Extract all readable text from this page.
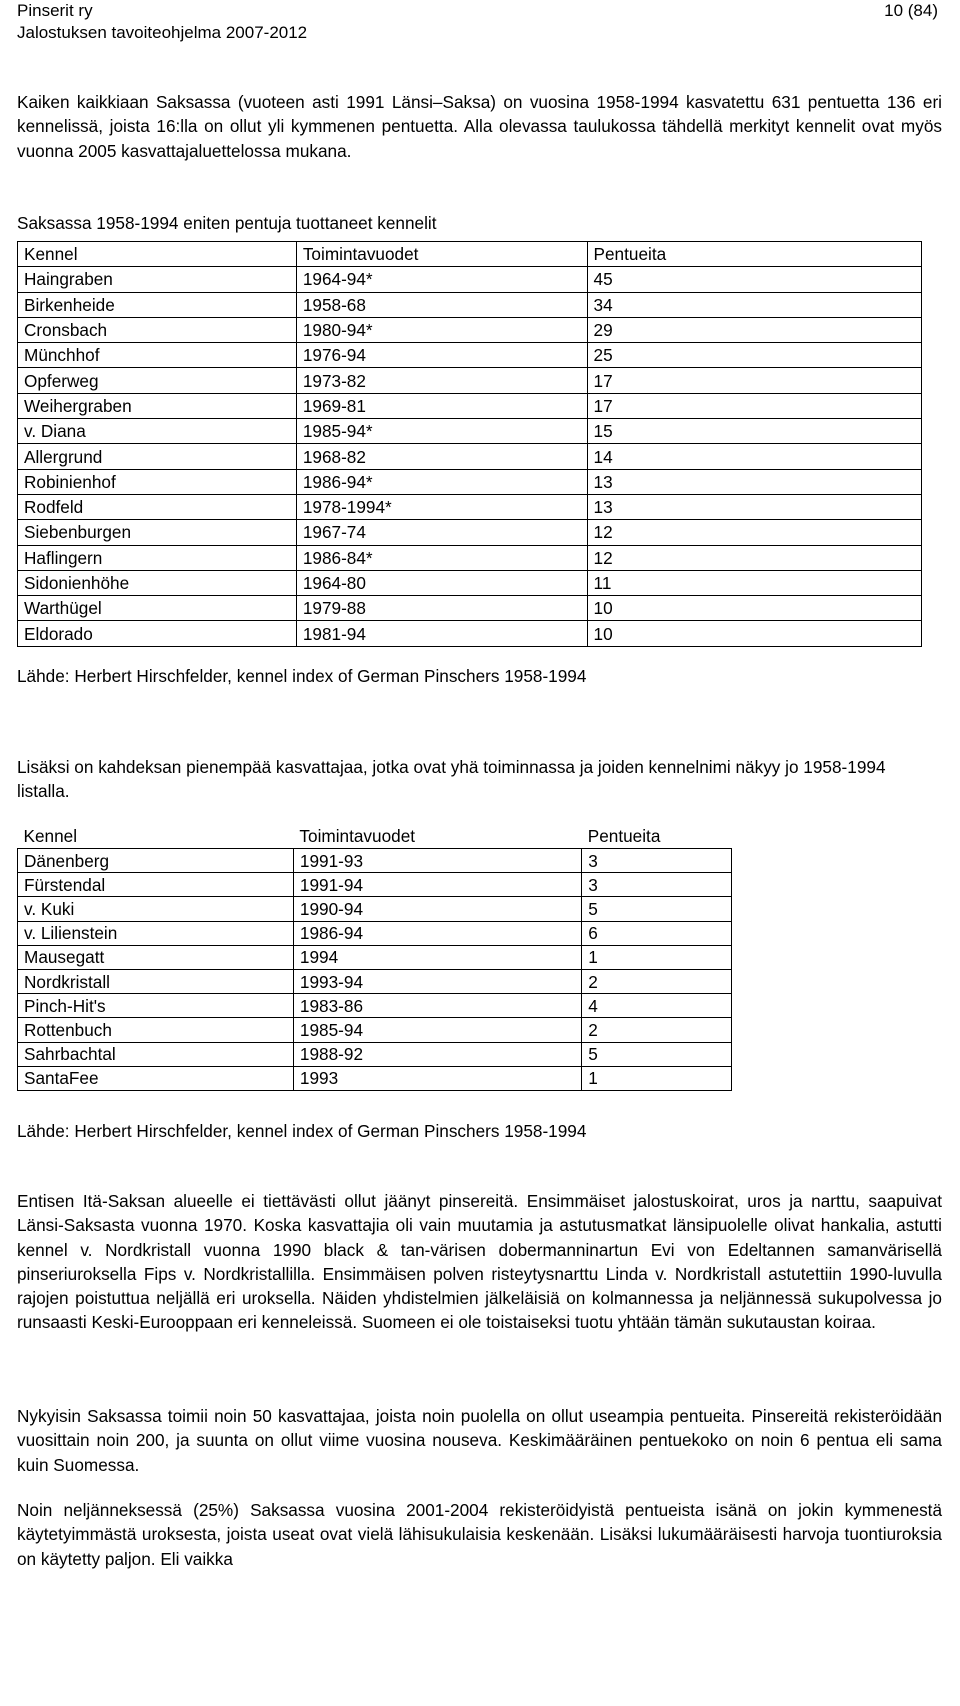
Pinserit ry
Jalostuksen tavoiteohjelma 2007-2012
10 (84)
Kaiken kaikkiaan Saksassa (vuoteen asti 1991 Länsi–Saksa) on vuosina 1958-1994 kasvatettu 631 pentuetta 136 eri kennelissä, joista 16:lla on ollut yli kymmenen pentuetta. Alla olevassa taulukossa tähdellä merkityt kennelit ovat myös vuonna 2005 kasvattajaluettelossa mukana.
Saksassa 1958-1994 eniten pentuja tuottaneet kennelit
Kennel	Toimintavuodet	Pentueita
Haingraben	1964-94*	45
Birkenheide	1958-68	34
Cronsbach	1980-94*	29
Münchhof	1976-94	25
Opferweg	1973-82	17
Weihergraben	1969-81	17
v. Diana	1985-94*	15
Allergrund	1968-82	14
Robinienhof	1986-94*	13
Rodfeld	1978-1994*	13
Siebenburgen	1967-74	12
Haflingern	1986-84*	12
Sidonienhöhe	1964-80	11
Warthügel	1979-88	10
Eldorado	1981-94	10
Lähde: Herbert Hirschfelder, kennel index of German Pinschers 1958-1994
Lisäksi on kahdeksan pienempää kasvattajaa, jotka ovat yhä toiminnassa ja joiden kennelnimi näkyy jo 1958-1994 listalla.
Kennel	Toimintavuodet	Pentueita
Dänenberg	1991-93	3
Fürstendal	1991-94	3
v. Kuki	1990-94	5
v. Lilienstein	1986-94	6
Mausegatt	1994	1
Nordkristall	1993-94	2
Pinch-Hit's	1983-86	4
Rottenbuch	1985-94	2
Sahrbachtal	1988-92	5
SantaFee	1993	1
Lähde: Herbert Hirschfelder, kennel index of German Pinschers 1958-1994
Entisen Itä-Saksan alueelle ei tiettävästi ollut jäänyt pinsereitä. Ensimmäiset jalostuskoirat, uros ja narttu, saapuivat Länsi-Saksasta vuonna 1970. Koska kasvattajia oli vain muutamia ja astutusmatkat länsipuolelle olivat hankalia, astutti kennel v. Nordkristall vuonna 1990 black & tan-värisen dobermanninartun Evi von Edeltannen samanvärisellä pinseriuroksella Fips v. Nordkristallilla. Ensimmäisen polven risteytysnarttu Linda v. Nordkristall astutettiin 1990-luvulla rajojen poistuttua neljällä eri uroksella. Näiden yhdistelmien jälkeläisiä on kolmannessa ja neljännessä sukupolvessa jo runsaasti Keski-Eurooppaan eri kenneleissä. Suomeen ei ole toistaiseksi tuotu yhtään tämän sukutaustan koiraa.
Nykyisin Saksassa toimii noin 50 kasvattajaa, joista noin puolella on ollut useampia pentueita. Pinsereitä rekisteröidään vuosittain noin 200, ja suunta on ollut viime vuosina nouseva. Keskimääräinen pentuekoko on noin 6 pentua eli sama kuin Suomessa.
Noin neljänneksessä (25%) Saksassa vuosina 2001-2004 rekisteröidyistä pentueista isänä on jokin kymmenestä käytetyimmästä uroksesta, joista useat ovat vielä lähisukulaisia keskenään. Lisäksi lukumääräisesti harvoja tuontiuroksia on käytetty paljon. Eli vaikka
